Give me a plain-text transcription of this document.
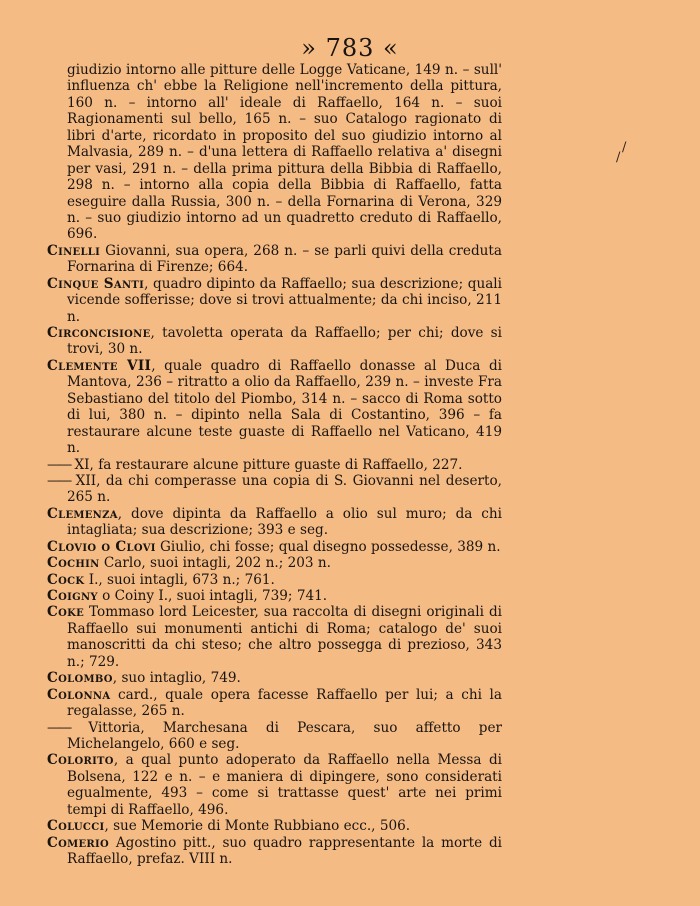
» 783 «

giudizio intorno alle pitture delle Logge Vaticane, 149 n. – sull' influenza ch' ebbe la Religione nell'incremento della pittura, 160 n. – intorno all' ideale di Raffaello, 164 n. – suoi Ragionamenti sul bello, 165 n. – suo Catalogo ragionato di libri d'arte, ricordato in proposito del suo giudizio intorno al Malvasia, 289 n. – d'una lettera di Raffaello relativa a' disegni per vasi, 291 n. – della prima pittura della Bibbia di Raffaello, 298 n. – intorno alla copia della Bibbia di Raffaello, fatta eseguire dalla Russia, 300 n. – della Fornarina di Verona, 329 n. – suo giudizio intorno ad un quadretto creduto di Raffaello, 696.

Cinelli Giovanni, sua opera, 268 n. – se parli quivi della creduta Fornarina di Firenze; 664.

Cinque Santi, quadro dipinto da Raffaello; sua descrizione; quali vicende sofferisse; dove si trovi attualmente; da chi inciso, 211 n.

Circoncisione, tavoletta operata da Raffaello; per chi; dove si trovi, 30 n.

Clemente VII, quale quadro di Raffaello donasse al Duca di Mantova, 236 – ritratto a olio da Raffaello, 239 n. – investe Fra Sebastiano del titolo del Piombo, 314 n. – sacco di Roma sotto di lui, 380 n. – dipinto nella Sala di Costantino, 396 – fa restaurare alcune teste guaste di Raffaello nel Vaticano, 419 n.

—— XI, fa restaurare alcune pitture guaste di Raffaello, 227.

—— XII, da chi comperasse una copia di S. Giovanni nel deserto, 265 n.

Clemenza, dove dipinta da Raffaello a olio sul muro; da chi intagliata; sua descrizione; 393 e seg.

Clovio o Clovi Giulio, chi fosse; qual disegno possedesse, 389 n.

Cochin Carlo, suoi intagli, 202 n.; 203 n.

Cock I., suoi intagli, 673 n.; 761.

Coigny o Coiny I., suoi intagli, 739; 741.

Coke Tommaso lord Leicester, sua raccolta di disegni originali di Raffaello sui monumenti antichi di Roma; catalogo de' suoi manoscritti da chi steso; che altro possegga di prezioso, 343 n.; 729.

Colombo, suo intaglio, 749.

Colonna card., quale opera facesse Raffaello per lui; a chi la regalasse, 265 n.

—— Vittoria, Marchesana di Pescara, suo affetto per Michelangelo, 660 e seg.

Colorito, a qual punto adoperato da Raffaello nella Messa di Bolsena, 122 e n. – e maniera di dipingere, sono considerati egualmente, 493 – come si trattasse quest' arte nei primi tempi di Raffaello, 496.

Colucci, sue Memorie di Monte Rubbiano ecc., 506.

Comerio Agostino pitt., suo quadro rappresentante la morte di Raffaello, prefaz. VIII n.

/
/
